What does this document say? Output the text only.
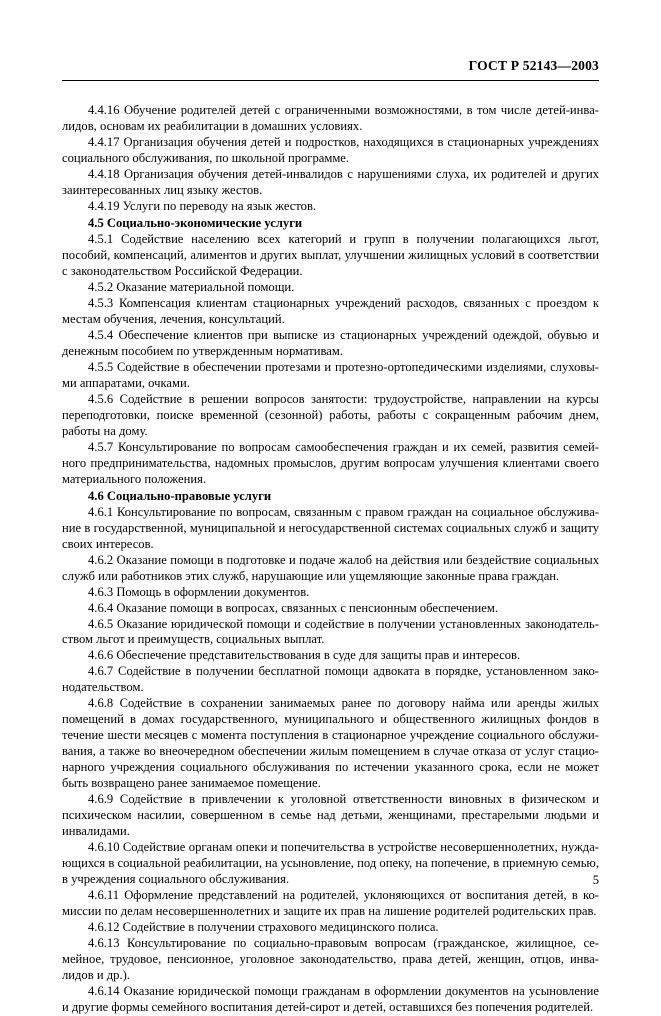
ГОСТ Р 52143—2003

4.4.16 Обучение родителей детей с ограниченными возможностями, в том числе детей-инвалидов, основам их реабилитации в домашних условиях.

4.4.17 Организация обучения детей и подростков, находящихся в стационарных учреждениях социального обслуживания, по школьной программе.

4.4.18 Организация обучения детей-инвалидов с нарушениями слуха, их родителей и других заинтересованных лиц языку жестов.

4.4.19 Услуги по переводу на язык жестов.

4.5 Социально-экономические услуги

4.5.1 Содействие населению всех категорий и групп в получении полагающихся льгот, пособий, компенсаций, алиментов и других выплат, улучшении жилищных условий в соответствии с законодательством Российской Федерации.

4.5.2 Оказание материальной помощи.

4.5.3 Компенсация клиентам стационарных учреждений расходов, связанных с проездом к местам обучения, лечения, консультаций.

4.5.4 Обеспечение клиентов при выписке из стационарных учреждений одеждой, обувью и денежным пособием по утвержденным нормативам.

4.5.5 Содействие в обеспечении протезами и протезно-ортопедическими изделиями, слуховыми аппаратами, очками.

4.5.6 Содействие в решении вопросов занятости: трудоустройстве, направлении на курсы переподготовки, поиске временной (сезонной) работы, работы с сокращенным рабочим днем, работы на дому.

4.5.7 Консультирование по вопросам самообеспечения граждан и их семей, развития семейного предпринимательства, надомных промыслов, другим вопросам улучшения клиентами своего материального положения.

4.6 Социально-правовые услуги

4.6.1 Консультирование по вопросам, связанным с правом граждан на социальное обслуживание в государственной, муниципальной и негосударственной системах социальных служб и защиту своих интересов.

4.6.2 Оказание помощи в подготовке и подаче жалоб на действия или бездействие социальных служб или работников этих служб, нарушающие или ущемляющие законные права граждан.

4.6.3 Помощь в оформлении документов.

4.6.4 Оказание помощи в вопросах, связанных с пенсионным обеспечением.

4.6.5 Оказание юридической помощи и содействие в получении установленных законодательством льгот и преимуществ, социальных выплат.

4.6.6 Обеспечение представительствования в суде для защиты прав и интересов.

4.6.7 Содействие в получении бесплатной помощи адвоката в порядке, установленном законодательством.

4.6.8 Содействие в сохранении занимаемых ранее по договору найма или аренды жилых помещений в домах государственного, муниципального и общественного жилищных фондов в течение шести месяцев с момента поступления в стационарное учреждение социального обслуживания, а также во внеочередном обеспечении жилым помещением в случае отказа от услуг стационарного учреждения социального обслуживания по истечении указанного срока, если не может быть возвращено ранее занимаемое помещение.

4.6.9 Содействие в привлечении к уголовной ответственности виновных в физическом и психическом насилии, совершенном в семье над детьми, женщинами, престарелыми людьми и инвалидами.

4.6.10 Содействие органам опеки и попечительства в устройстве несовершеннолетних, нуждающихся в социальной реабилитации, на усыновление, под опеку, на попечение, в приемную семью, в учреждения социального обслуживания.

4.6.11 Оформление представлений на родителей, уклоняющихся от воспитания детей, в комиссии по делам несовершеннолетних и защите их прав на лишение родителей родительских прав.

4.6.12 Содействие в получении страхового медицинского полиса.

4.6.13 Консультирование по социально-правовым вопросам (гражданское, жилищное, семейное, трудовое, пенсионное, уголовное законодательство, права детей, женщин, отцов, инвалидов и др.).

4.6.14 Оказание юридической помощи гражданам в оформлении документов на усыновление и другие формы семейного воспитания детей-сирот и детей, оставшихся без попечения родителей.

5
